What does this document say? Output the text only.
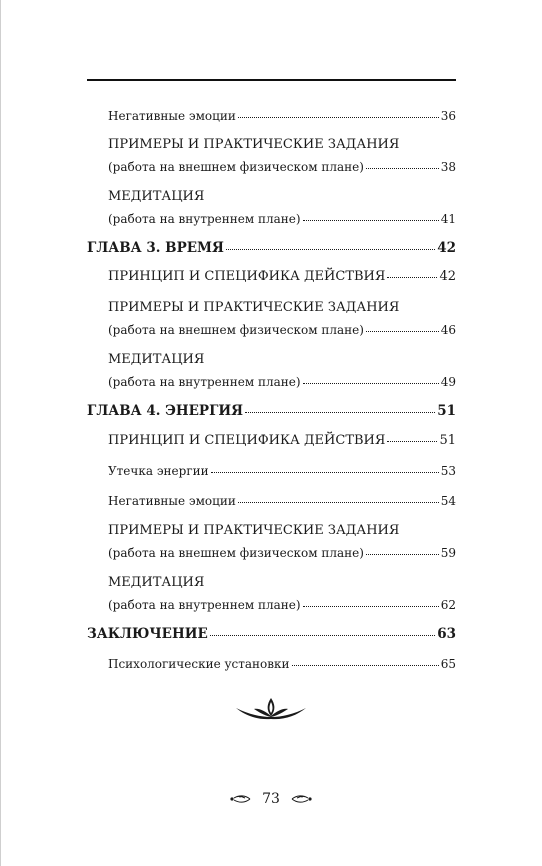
Негативные эмоции	36
ПРИМЕРЫ И ПРАКТИЧЕСКИЕ ЗАДАНИЯ
(работа на внешнем физическом плане)	38
МЕДИТАЦИЯ
(работа на внутреннем плане)	41
ГЛАВА 3. ВРЕМЯ	42
ПРИНЦИП И СПЕЦИФИКА ДЕЙСТВИЯ	42
ПРИМЕРЫ И ПРАКТИЧЕСКИЕ ЗАДАНИЯ
(работа на внешнем физическом плане)	46
МЕДИТАЦИЯ
(работа на внутреннем плане)	49
ГЛАВА 4. ЭНЕРГИЯ	51
ПРИНЦИП И СПЕЦИФИКА ДЕЙСТВИЯ	51
Утечка энергии	53
Негативные эмоции	54
ПРИМЕРЫ И ПРАКТИЧЕСКИЕ ЗАДАНИЯ
(работа на внешнем физическом плане)	59
МЕДИТАЦИЯ
(работа на внутреннем плане)	62
ЗАКЛЮЧЕНИЕ	63
Психологические установки	65
73
